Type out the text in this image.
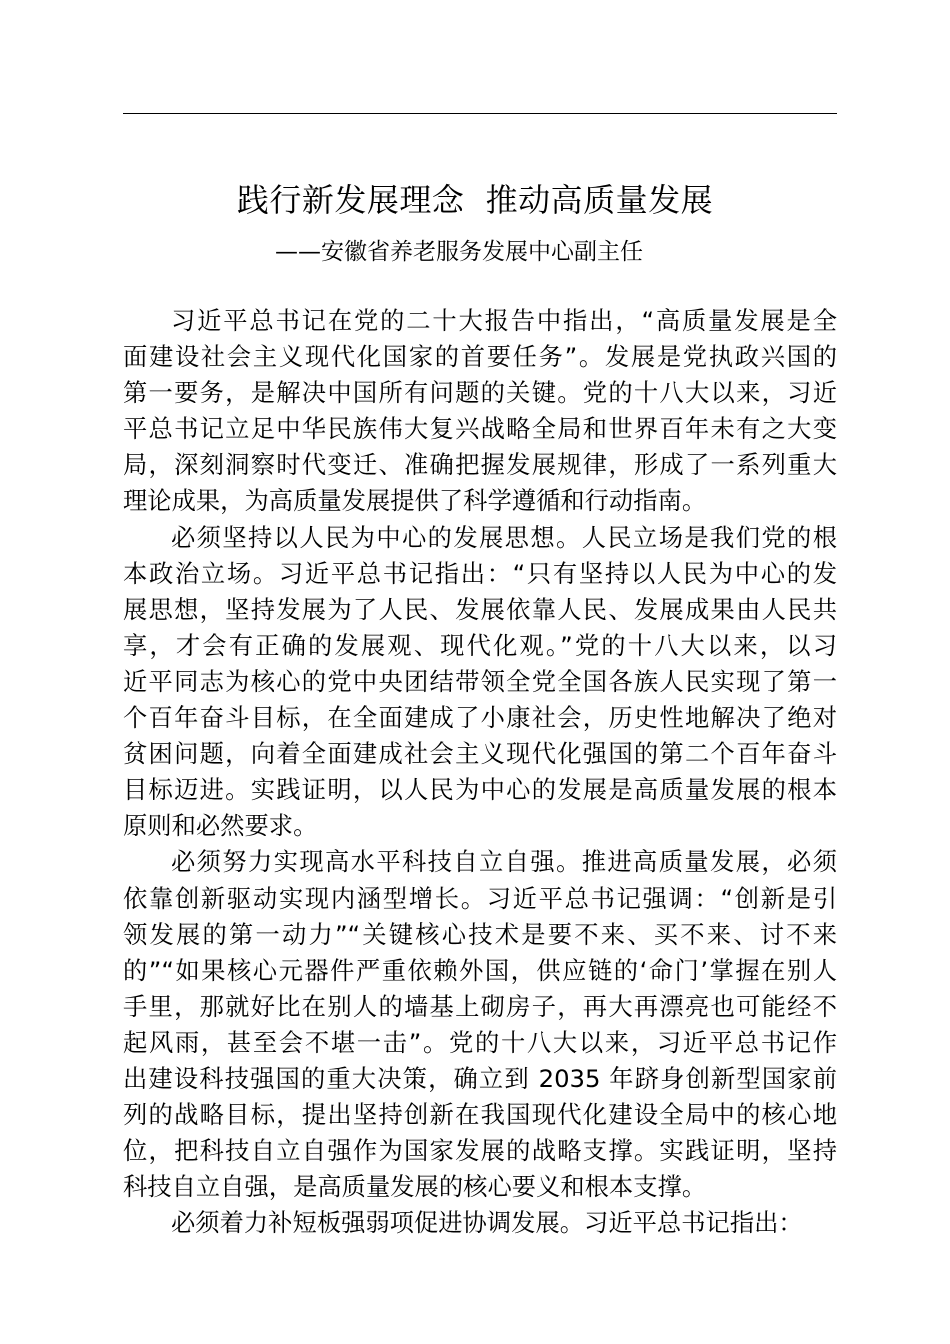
践行新发展理念  推动高质量发展
——安徽省养老服务发展中心副主任
习近平总书记在党的二十大报告中指出，“高质量发展是全
面建设社会主义现代化国家的首要任务”。发展是党执政兴国的
第一要务，是解决中国所有问题的关键。党的十八大以来，习近
平总书记立足中华民族伟大复兴战略全局和世界百年未有之大变
局，深刻洞察时代变迁、准确把握发展规律，形成了一系列重大
理论成果，为高质量发展提供了科学遵循和行动指南。
必须坚持以人民为中心的发展思想。人民立场是我们党的根
本政治立场。习近平总书记指出：“只有坚持以人民为中心的发
展思想，坚持发展为了人民、发展依靠人民、发展成果由人民共
享，才会有正确的发展观、现代化观。”党的十八大以来，以习
近平同志为核心的党中央团结带领全党全国各族人民实现了第一
个百年奋斗目标，在全面建成了小康社会，历史性地解决了绝对
贫困问题，向着全面建成社会主义现代化强国的第二个百年奋斗
目标迈进。实践证明，以人民为中心的发展是高质量发展的根本
原则和必然要求。
必须努力实现高水平科技自立自强。推进高质量发展，必须
依靠创新驱动实现内涵型增长。习近平总书记强调：“创新是引
领发展的第一动力”“关键核心技术是要不来、买不来、讨不来
的”“如果核心元器件严重依赖外国，供应链的‘命门’掌握在别人
手里，那就好比在别人的墙基上砌房子，再大再漂亮也可能经不
起风雨，甚至会不堪一击”。党的十八大以来，习近平总书记作
出建设科技强国的重大决策，确立到 2035 年跻身创新型国家前
列的战略目标，提出坚持创新在我国现代化建设全局中的核心地
位，把科技自立自强作为国家发展的战略支撑。实践证明，坚持
科技自立自强，是高质量发展的核心要义和根本支撑。
必须着力补短板强弱项促进协调发展。习近平总书记指出：
